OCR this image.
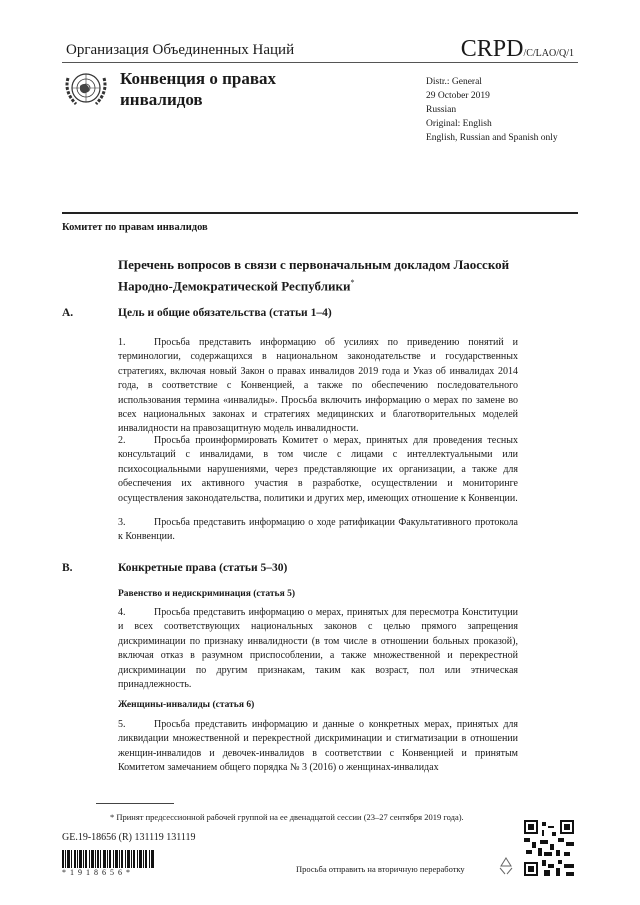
Организация Объединенных Наций	CRPD/C/LAO/Q/1
Конвенция о правах
инвалидов
Distr.: General
29 October 2019
Russian
Original: English
English, Russian and Spanish only
Комитет по правам инвалидов
Перечень вопросов в связи с первоначальным докладом Лаосской Народно-Демократической Республики*
A.	Цель и общие обязательства (статьи 1–4)
1.	Просьба представить информацию об усилиях по приведению понятий и терминологии, содержащихся в национальном законодательстве и государственных стратегиях, включая новый Закон о правах инвалидов 2019 года и Указ об инвалидах 2014 года, в соответствие с Конвенцией, а также по обеспечению последовательного использования термина «инвалиды». Просьба включить информацию о мерах по замене во всех национальных законах и стратегиях медицинских и благотворительных моделей инвалидности на правозащитную модель инвалидности.
2.	Просьба проинформировать Комитет о мерах, принятых для проведения тесных консультаций с инвалидами, в том числе с лицами с интеллектуальными или психосоциальными нарушениями, через представляющие их организации, а также для обеспечения их активного участия в разработке, осуществлении и мониторинге осуществления законодательства, политики и других мер, имеющих отношение к Конвенции.
3.	Просьба представить информацию о ходе ратификации Факультативного протокола к Конвенции.
B.	Конкретные права (статьи 5–30)
Равенство и недискриминация (статья 5)
4.	Просьба представить информацию о мерах, принятых для пересмотра Конституции и всех соответствующих национальных законов с целью прямого запрещения дискриминации по признаку инвалидности (в том числе в отношении больных проказой), включая отказ в разумном приспособлении, а также множественной и перекрестной дискриминации по другим признакам, таким как возраст, пол или этническая принадлежность.
Женщины-инвалиды (статья 6)
5.	Просьба представить информацию и данные о конкретных мерах, принятых для ликвидации множественной и перекрестной дискриминации и стигматизации в отношении женщин-инвалидов и девочек-инвалидов в соответствии с Конвенцией и принятым Комитетом замечанием общего порядка № 3 (2016) о женщинах-инвалидах
* Принят предсессионной рабочей группой на ее двенадцатой сессии (23–27 сентября 2019 года).
GE.19-18656 (R) 131119 131119
*1918656*	Просьба отправить на вторичную переработку
